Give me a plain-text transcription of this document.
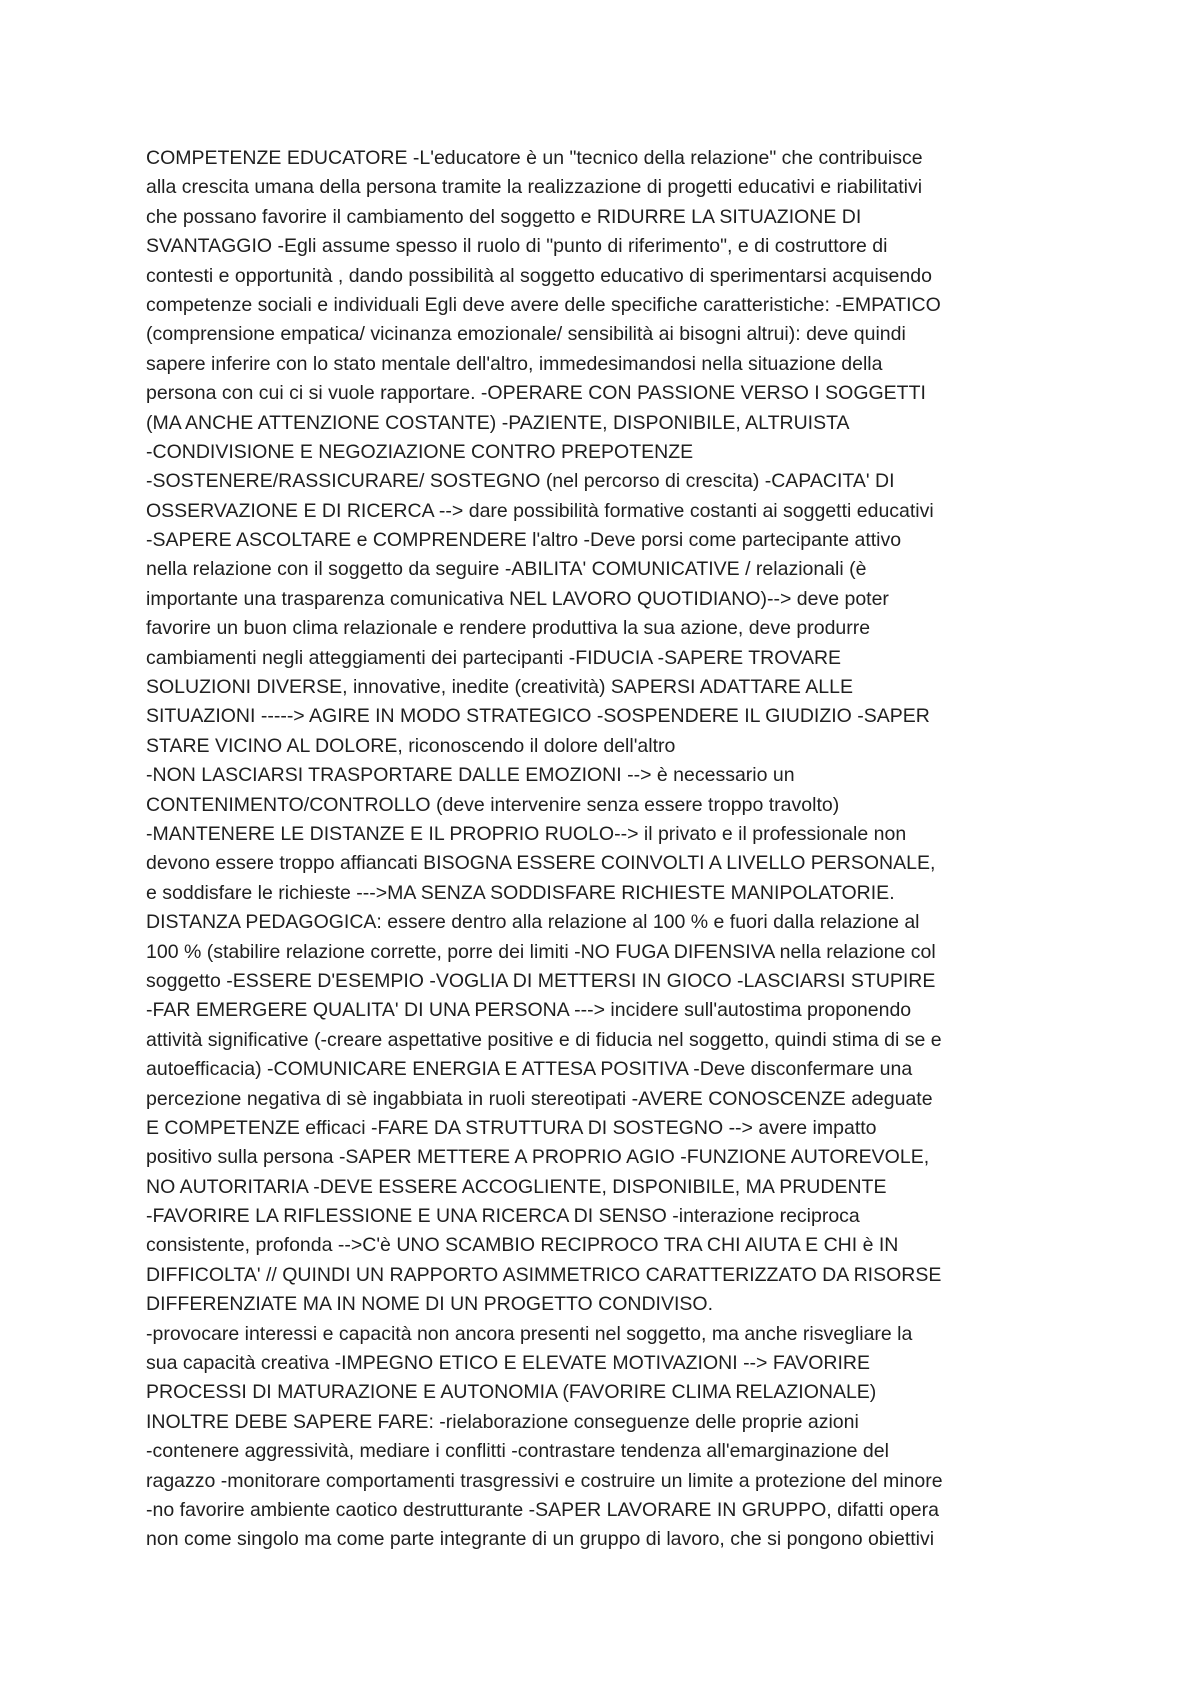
COMPETENZE EDUCATORE -L'educatore è un "tecnico della relazione" che contribuisce
alla crescita umana della persona tramite la realizzazione di progetti educativi e riabilitativi
che possano favorire il cambiamento del soggetto e RIDURRE LA SITUAZIONE DI
SVANTAGGIO -Egli assume spesso il ruolo di "punto di riferimento", e di costruttore di
contesti e opportunità , dando possibilità al soggetto educativo di sperimentarsi acquisendo
competenze sociali e individuali Egli deve avere delle specifiche caratteristiche: -EMPATICO
(comprensione empatica/ vicinanza emozionale/ sensibilità ai bisogni altrui): deve quindi
sapere inferire con lo stato mentale dell'altro, immedesimandosi nella situazione della
persona con cui ci si vuole rapportare. -OPERARE CON PASSIONE VERSO I SOGGETTI
(MA ANCHE ATTENZIONE COSTANTE) -PAZIENTE, DISPONIBILE, ALTRUISTA
-CONDIVISIONE E NEGOZIAZIONE CONTRO PREPOTENZE
-SOSTENERE/RASSICURARE/ SOSTEGNO (nel percorso di crescita) -CAPACITA' DI
OSSERVAZIONE E DI RICERCA --> dare possibilità formative costanti ai soggetti educativi
-SAPERE ASCOLTARE e COMPRENDERE l'altro -Deve porsi come partecipante attivo
nella relazione con il soggetto da seguire -ABILITA' COMUNICATIVE / relazionali (è
importante una trasparenza comunicativa NEL LAVORO QUOTIDIANO)--> deve poter
favorire un buon clima relazionale e rendere produttiva la sua azione, deve produrre
cambiamenti negli atteggiamenti dei partecipanti -FIDUCIA -SAPERE TROVARE
SOLUZIONI DIVERSE, innovative, inedite (creatività) SAPERSI ADATTARE ALLE
SITUAZIONI -----> AGIRE IN MODO STRATEGICO -SOSPENDERE IL GIUDIZIO -SAPER
STARE VICINO AL DOLORE, riconoscendo il dolore dell'altro
-NON LASCIARSI TRASPORTARE DALLE EMOZIONI --> è necessario un
CONTENIMENTO/CONTROLLO (deve intervenire senza essere troppo travolto)
-MANTENERE LE DISTANZE E IL PROPRIO RUOLO--> il privato e il professionale non
devono essere troppo affiancati BISOGNA ESSERE COINVOLTI A LIVELLO PERSONALE,
e soddisfare le richieste --->MA SENZA SODDISFARE RICHIESTE MANIPOLATORIE.
DISTANZA PEDAGOGICA: essere dentro alla relazione al 100 % e fuori dalla relazione al
100 % (stabilire relazione corrette, porre dei limiti -NO FUGA DIFENSIVA nella relazione col
soggetto -ESSERE D'ESEMPIO -VOGLIA DI METTERSI IN GIOCO -LASCIARSI STUPIRE
-FAR EMERGERE QUALITA' DI UNA PERSONA ---> incidere sull'autostima proponendo
attività significative (-creare aspettative positive e di fiducia nel soggetto, quindi stima di se e
autoefficacia) -COMUNICARE ENERGIA E ATTESA POSITIVA -Deve disconfermare una
percezione negativa di sè ingabbiata in ruoli stereotipati -AVERE CONOSCENZE adeguate
E COMPETENZE efficaci -FARE DA STRUTTURA DI SOSTEGNO --> avere impatto
positivo sulla persona -SAPER METTERE A PROPRIO AGIO -FUNZIONE AUTOREVOLE,
NO AUTORITARIA -DEVE ESSERE ACCOGLIENTE, DISPONIBILE, MA PRUDENTE
-FAVORIRE LA RIFLESSIONE E UNA RICERCA DI SENSO -interazione reciproca
consistente, profonda -->C'è UNO SCAMBIO RECIPROCO TRA CHI AIUTA E CHI è IN
DIFFICOLTA' // QUINDI UN RAPPORTO ASIMMETRICO CARATTERIZZATO DA RISORSE
DIFFERENZIATE MA IN NOME DI UN PROGETTO CONDIVISO.
-provocare interessi e capacità non ancora presenti nel soggetto, ma anche risvegliare la
sua capacità creativa -IMPEGNO ETICO E ELEVATE MOTIVAZIONI --> FAVORIRE
PROCESSI DI MATURAZIONE E AUTONOMIA (FAVORIRE CLIMA RELAZIONALE)
INOLTRE DEBE SAPERE FARE: -rielaborazione conseguenze delle proprie azioni
-contenere aggressività, mediare i conflitti -contrastare tendenza all'emarginazione del
ragazzo -monitorare comportamenti trasgressivi e costruire un limite a protezione del minore
-no favorire ambiente caotico destrutturante -SAPER LAVORARE IN GRUPPO, difatti opera
non come singolo ma come parte integrante di un gruppo di lavoro, che si pongono obiettivi
